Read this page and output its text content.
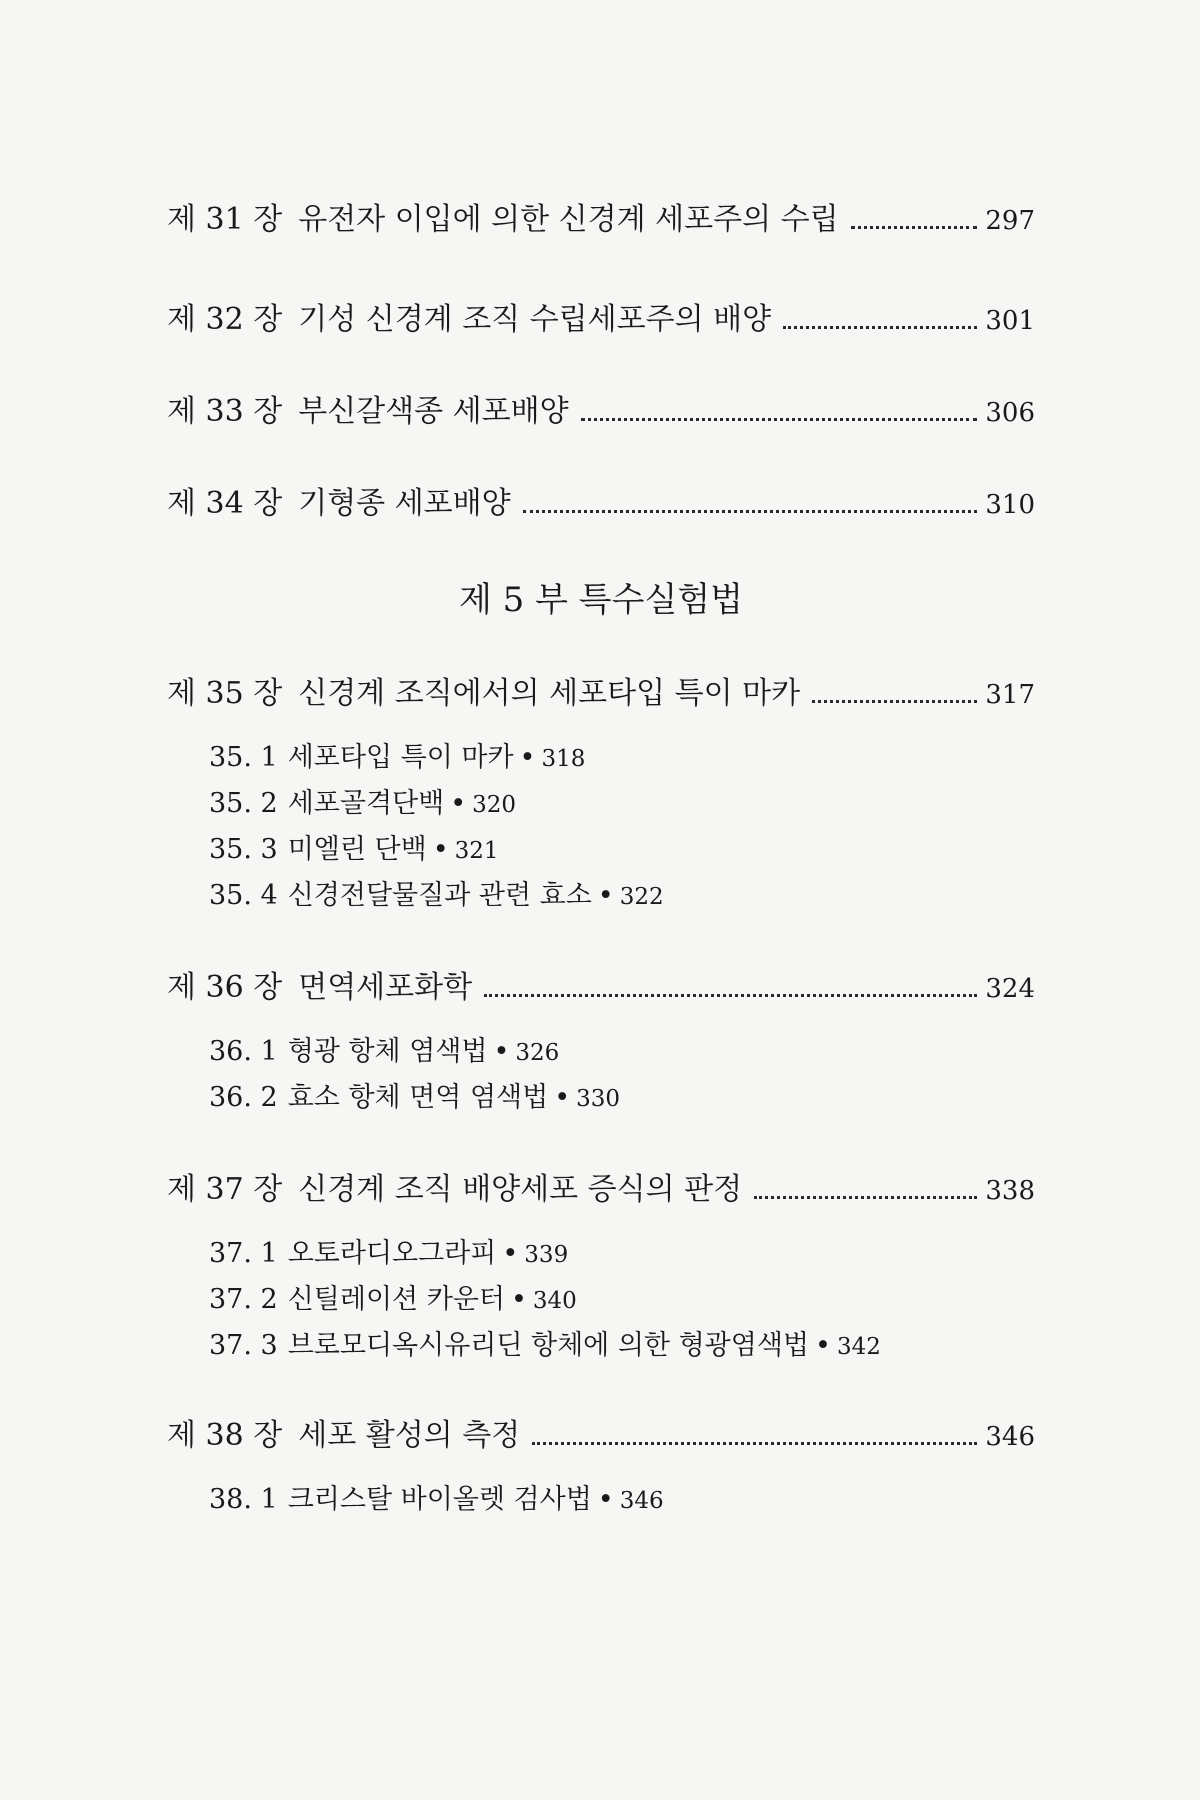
제 31 장 유전자 이입에 의한 신경계 세포주의 수립	297
제 32 장 기성 신경계 조직 수립세포주의 배양	301
제 33 장 부신갈색종 세포배양	306
제 34 장 기형종 세포배양	310
제 5 부 특수실험법
제 35 장 신경계 조직에서의 세포타입 특이 마카	317
35. 1 세포타입 특이 마카 • 318
35. 2 세포골격단백 • 320
35. 3 미엘린 단백 • 321
35. 4 신경전달물질과 관련 효소 • 322
제 36 장 면역세포화학	324
36. 1 형광 항체 염색법 • 326
36. 2 효소 항체 면역 염색법 • 330
제 37 장 신경계 조직 배양세포 증식의 판정	338
37. 1 오토라디오그라피 • 339
37. 2 신틸레이션 카운터 • 340
37. 3 브로모디옥시유리딘 항체에 의한 형광염색법 • 342
제 38 장 세포 활성의 측정	346
38. 1 크리스탈 바이올렛 검사법 • 346
